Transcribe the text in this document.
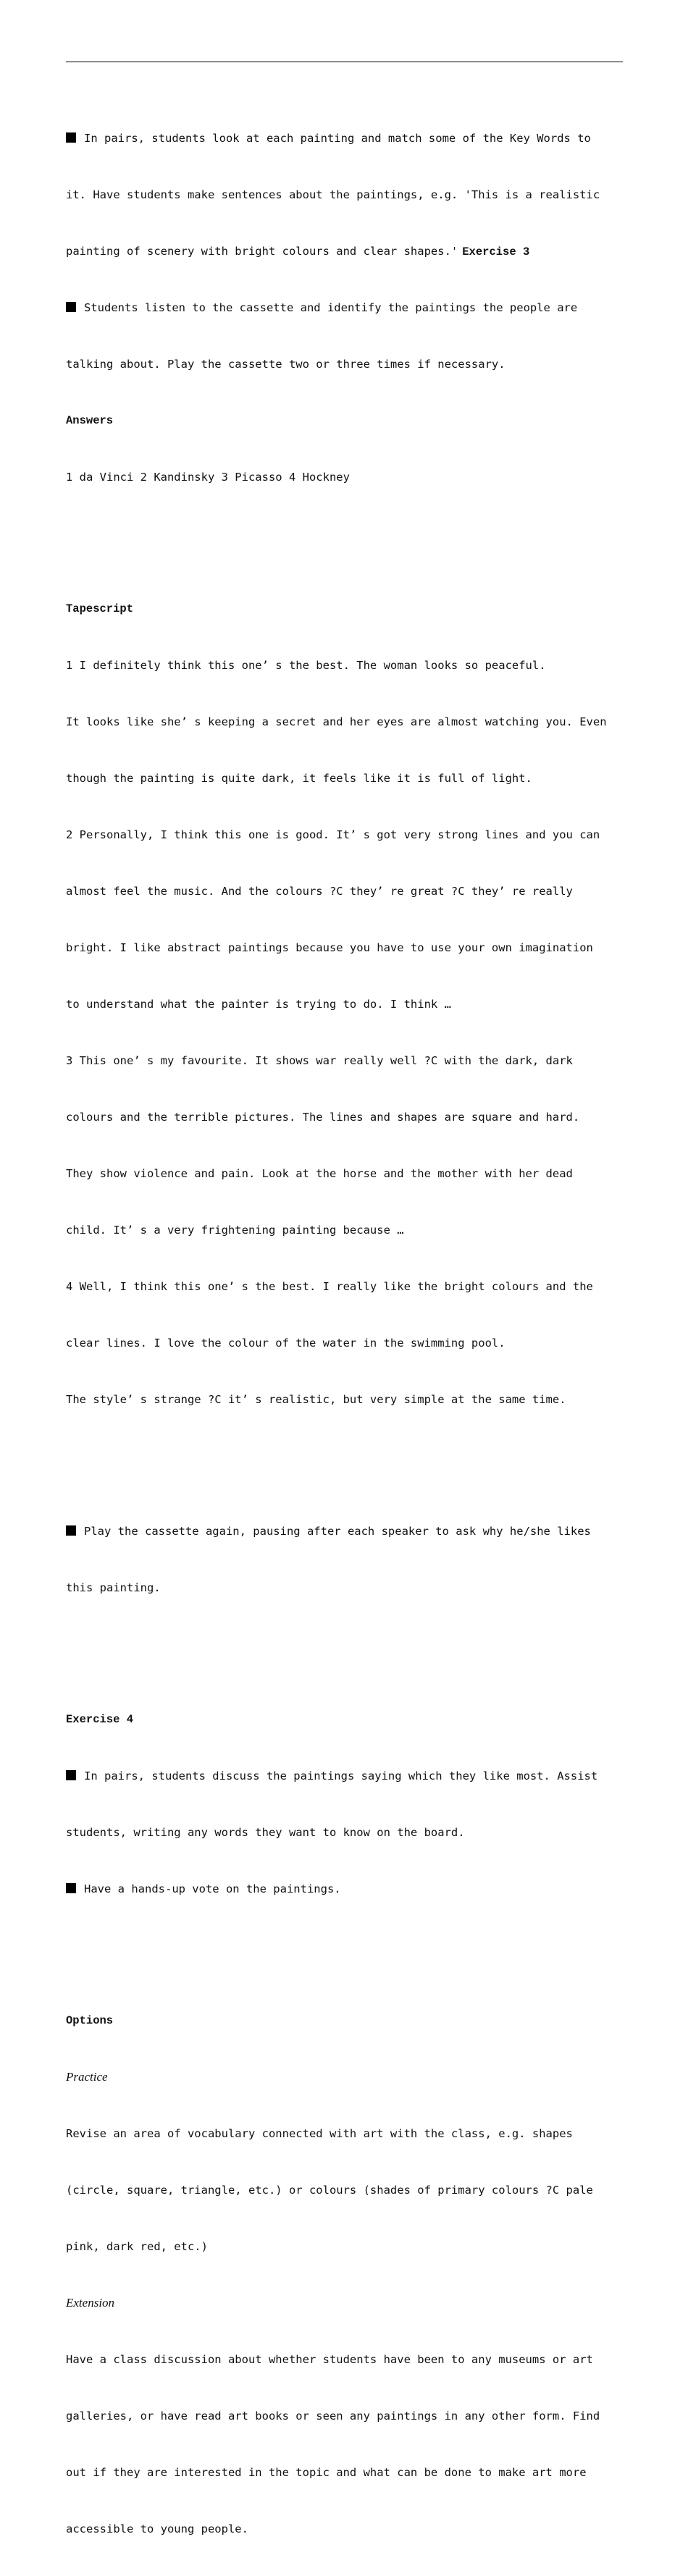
In pairs, students look at each painting and match some of the Key Words to

it. Have students make sentences about the paintings, e.g. 'This is a realistic

painting of scenery with bright colours and clear shapes.' Exercise 3

Students listen to the cassette and identify the paintings the people are

talking about. Play the cassette two or three times if necessary.

Answers

1 da Vinci 2 Kandinsky 3 Picasso 4 Hockney

Tapescript

1 I definitely think this one’ s the best. The woman looks so peaceful.

It looks like she’ s keeping a secret and her eyes are almost watching you. Even

though the painting is quite dark, it feels like it is full of light.

2 Personally, I think this one is good. It’ s got very strong lines and you can

almost feel the music. And the colours ?C they’ re great ?C they’ re really

bright. I like abstract paintings because you have to use your own imagination

to understand what the painter is trying to do. I think …

3 This one’ s my favourite. It shows war really well ?C with the dark, dark

colours and the terrible pictures. The lines and shapes are square and hard.

They show violence and pain. Look at the horse and the mother with her dead

child. It’ s a very frightening painting because …

4 Well, I think this one’ s the best. I really like the bright colours and the

clear lines. I love the colour of the water in the swimming pool.

The style’ s strange ?C it’ s realistic, but very simple at the same time.

Play the cassette again, pausing after each speaker to ask why he/she likes

this painting.

Exercise 4

In pairs, students discuss the paintings saying which they like most. Assist

students, writing any words they want to know on the board.

Have a hands-up vote on the paintings.

Options

Practice

Revise an area of vocabulary connected with art with the class, e.g. shapes

(circle, square, triangle, etc.) or colours (shades of primary colours ?C pale

pink, dark red, etc.)

Extension

Have a class discussion about whether students have been to any museums or art

galleries, or have read art books or seen any paintings in any other form. Find

out if they are interested in the topic and what can be done to make art more

accessible to young people.
